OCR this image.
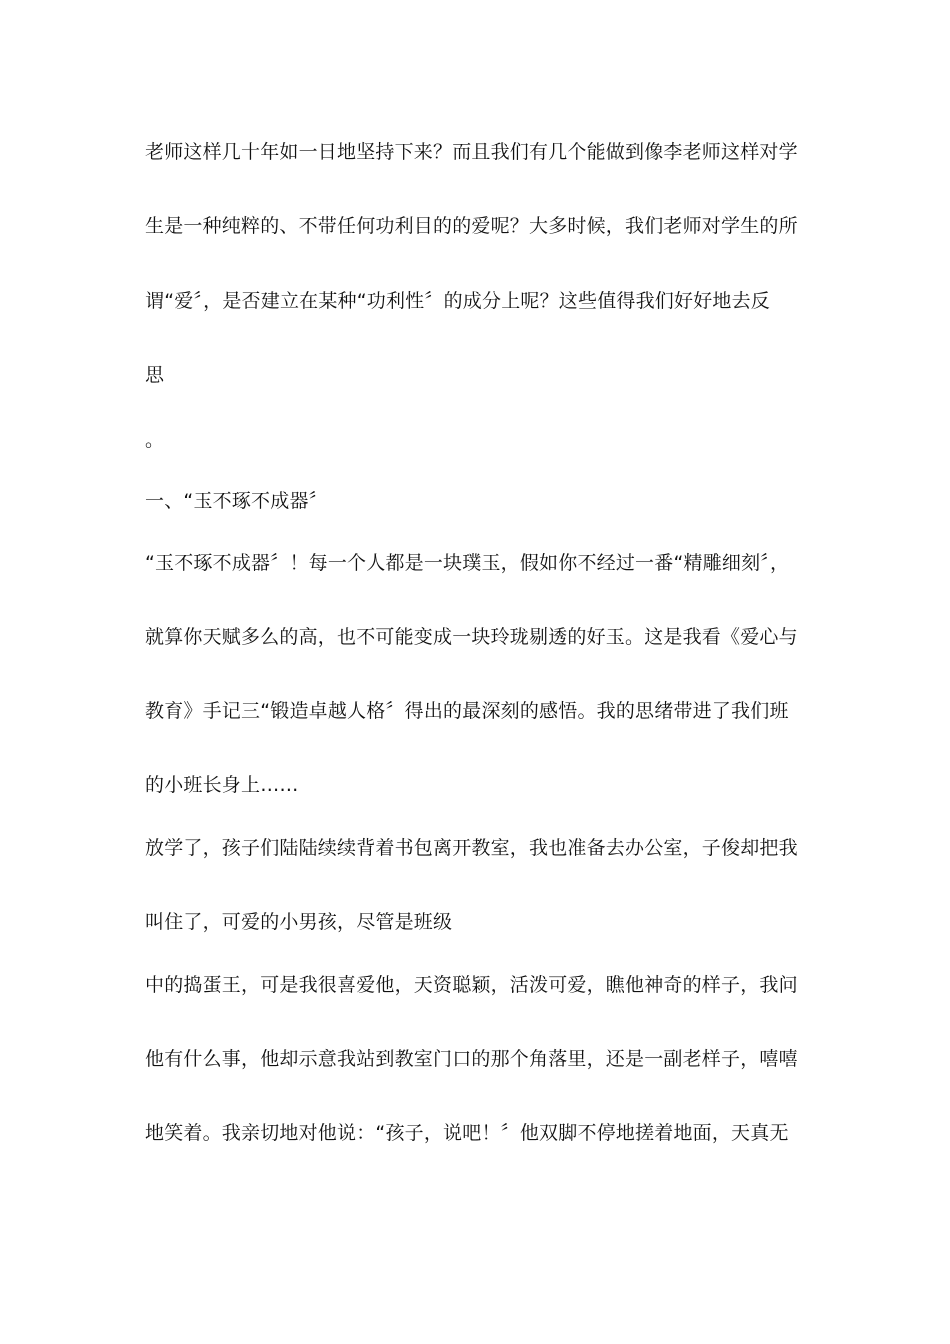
老师这样几十年如一日地坚持下来？而且我们有几个能做到像李老师这样对学
生是一种纯粹的、不带任何功利目的的爱呢？大多时候，我们老师对学生的所
谓“爱〞，是否建立在某种“功利性〞的成分上呢？这些值得我们好好地去反
思
。
一、“玉不琢不成器〞
“玉不琢不成器〞！每一个人都是一块璞玉，假如你不经过一番“精雕细刻〞，
就算你天赋多么的高，也不可能变成一块玲珑剔透的好玉。这是我看《爱心与
教育》手记三“锻造卓越人格〞得出的最深刻的感悟。我的思绪带进了我们班
的小班长身上……
放学了，孩子们陆陆续续背着书包离开教室，我也准备去办公室，子俊却把我
叫住了，可爱的小男孩，尽管是班级
中的捣蛋王，可是我很喜爱他，天资聪颖，活泼可爱，瞧他神奇的样子，我问
他有什么事，他却示意我站到教室门口的那个角落里，还是一副老样子，嘻嘻
地笑着。我亲切地对他说：“孩子，说吧！〞他双脚不停地搓着地面，天真无
